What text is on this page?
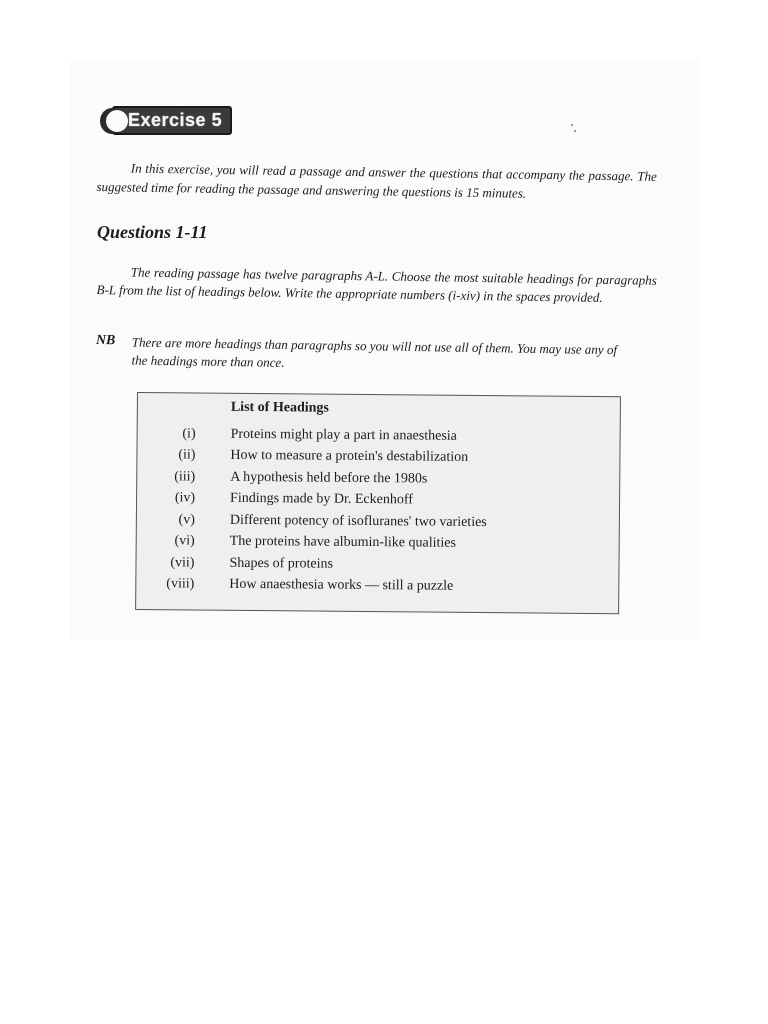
Exercise 5	’,

In this exercise, you will read a passage and answer the questions that accompany the passage. The suggested time for reading the passage and answering the questions is 15 minutes.

Questions 1-11

The reading passage has twelve paragraphs A-L. Choose the most suitable headings for paragraphs B-L from the list of headings below. Write the appropriate numbers (i-xiv) in the spaces provided.

NB	There are more headings than paragraphs so you will not use all of them. You may use any of the headings more than once.
List of Headings
(i)	Proteins might play a part in anaesthesia
(ii)	How to measure a protein's destabilization
(iii)	A hypothesis held before the 1980s
(iv)	Findings made by Dr. Eckenhoff
(v)	Different potency of isofluranes' two varieties
(vi)	The proteins have albumin-like qualities
(vii)	Shapes of proteins
(viii)	How anaesthesia works — still a puzzle
